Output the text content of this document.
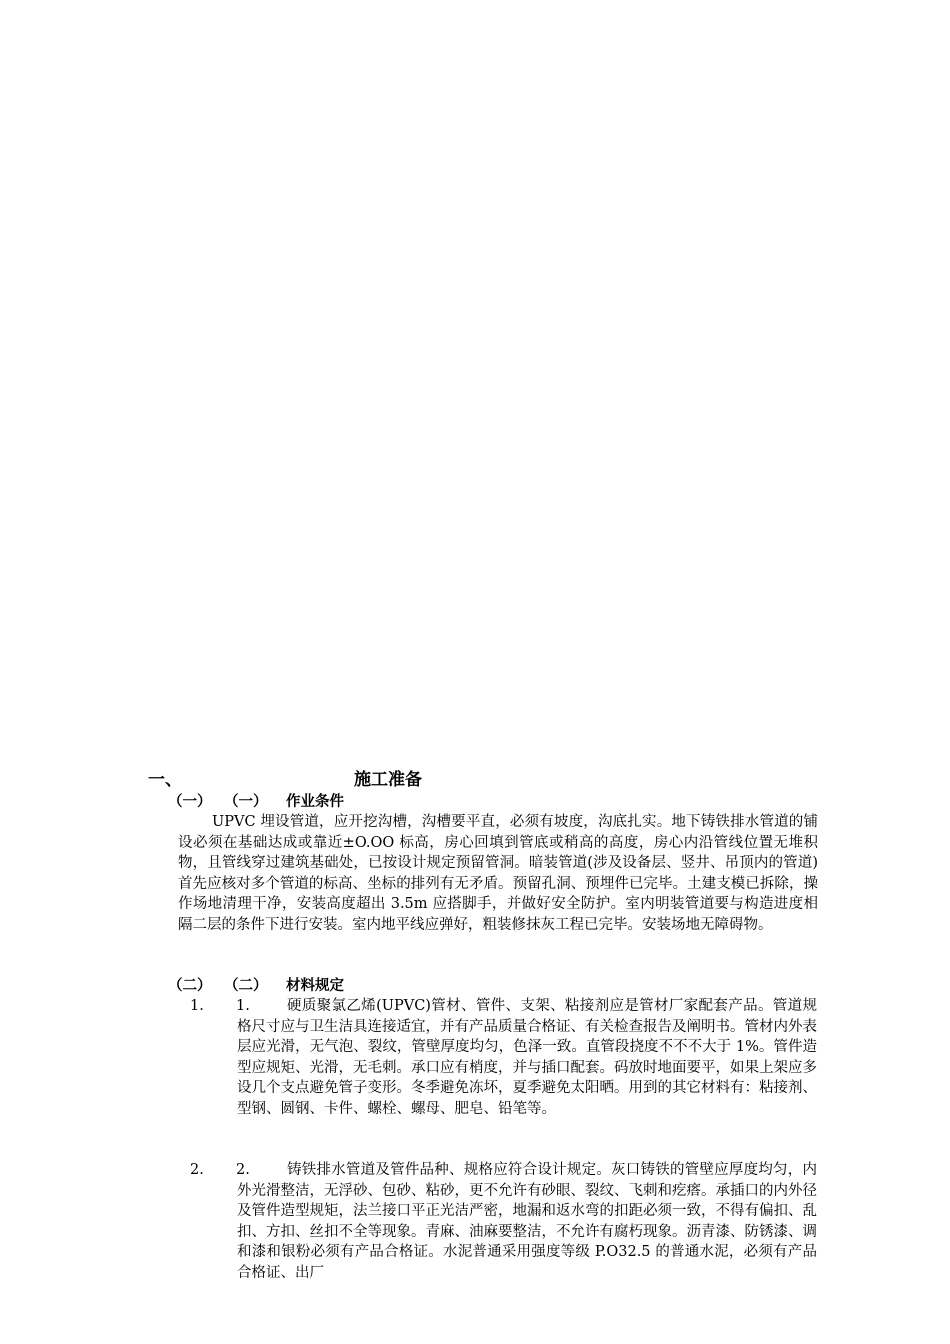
一、	施工准备
（一） （一） 作业条件
UPVC 埋设管道，应开挖沟槽，沟槽要平直，必须有坡度，沟底扎实。地下铸铁排水管道的铺设必须在基础达成或靠近±O.OO 标高，房心回填到管底或稍高的高度，房心内沿管线位置无堆积物，且管线穿过建筑基础处，已按设计规定预留管洞。暗装管道(涉及设备层、竖井、吊顶内的管道)首先应核对多个管道的标高、坐标的排列有无矛盾。预留孔洞、预埋件已完毕。土建支模已拆除，操作场地清理干净，安装高度超出 3.5m 应搭脚手，并做好安全防护。室内明装管道要与构造进度相隔二层的条件下进行安装。室内地平线应弹好，粗装修抹灰工程已完毕。安装场地无障碍物。
（二） （二） 材料规定
1. 1.	硬质聚氯乙烯(UPVC)管材、管件、支架、粘接剂应是管材厂家配套产品。管道规格尺寸应与卫生洁具连接适宜，并有产品质量合格证、有关检查报告及阐明书。管材内外表层应光滑，无气泡、裂纹，管壁厚度均匀，色泽一致。直管段挠度不不不大于 1%。管件造型应规矩、光滑，无毛刺。承口应有梢度，并与插口配套。码放时地面要平，如果上架应多设几个支点避免管子变形。冬季避免冻坏，夏季避免太阳晒。用到的其它材料有：粘接剂、型钢、圆钢、卡件、螺栓、螺母、肥皂、铅笔等。
2. 2.	铸铁排水管道及管件品种、规格应符合设计规定。灰口铸铁的管壁应厚度均匀，内外光滑整洁，无浮砂、包砂、粘砂，更不允许有砂眼、裂纹、飞刺和疙瘩。承插口的内外径及管件造型规矩，法兰接口平正光洁严密，地漏和返水弯的扣距必须一致，不得有偏扣、乱扣、方扣、丝扣不全等现象。青麻、油麻要整洁，不允许有腐朽现象。沥青漆、防锈漆、调和漆和银粉必须有产品合格证。水泥普通采用强度等级 P.O32.5 的普通水泥，必须有产品合格证、出厂
